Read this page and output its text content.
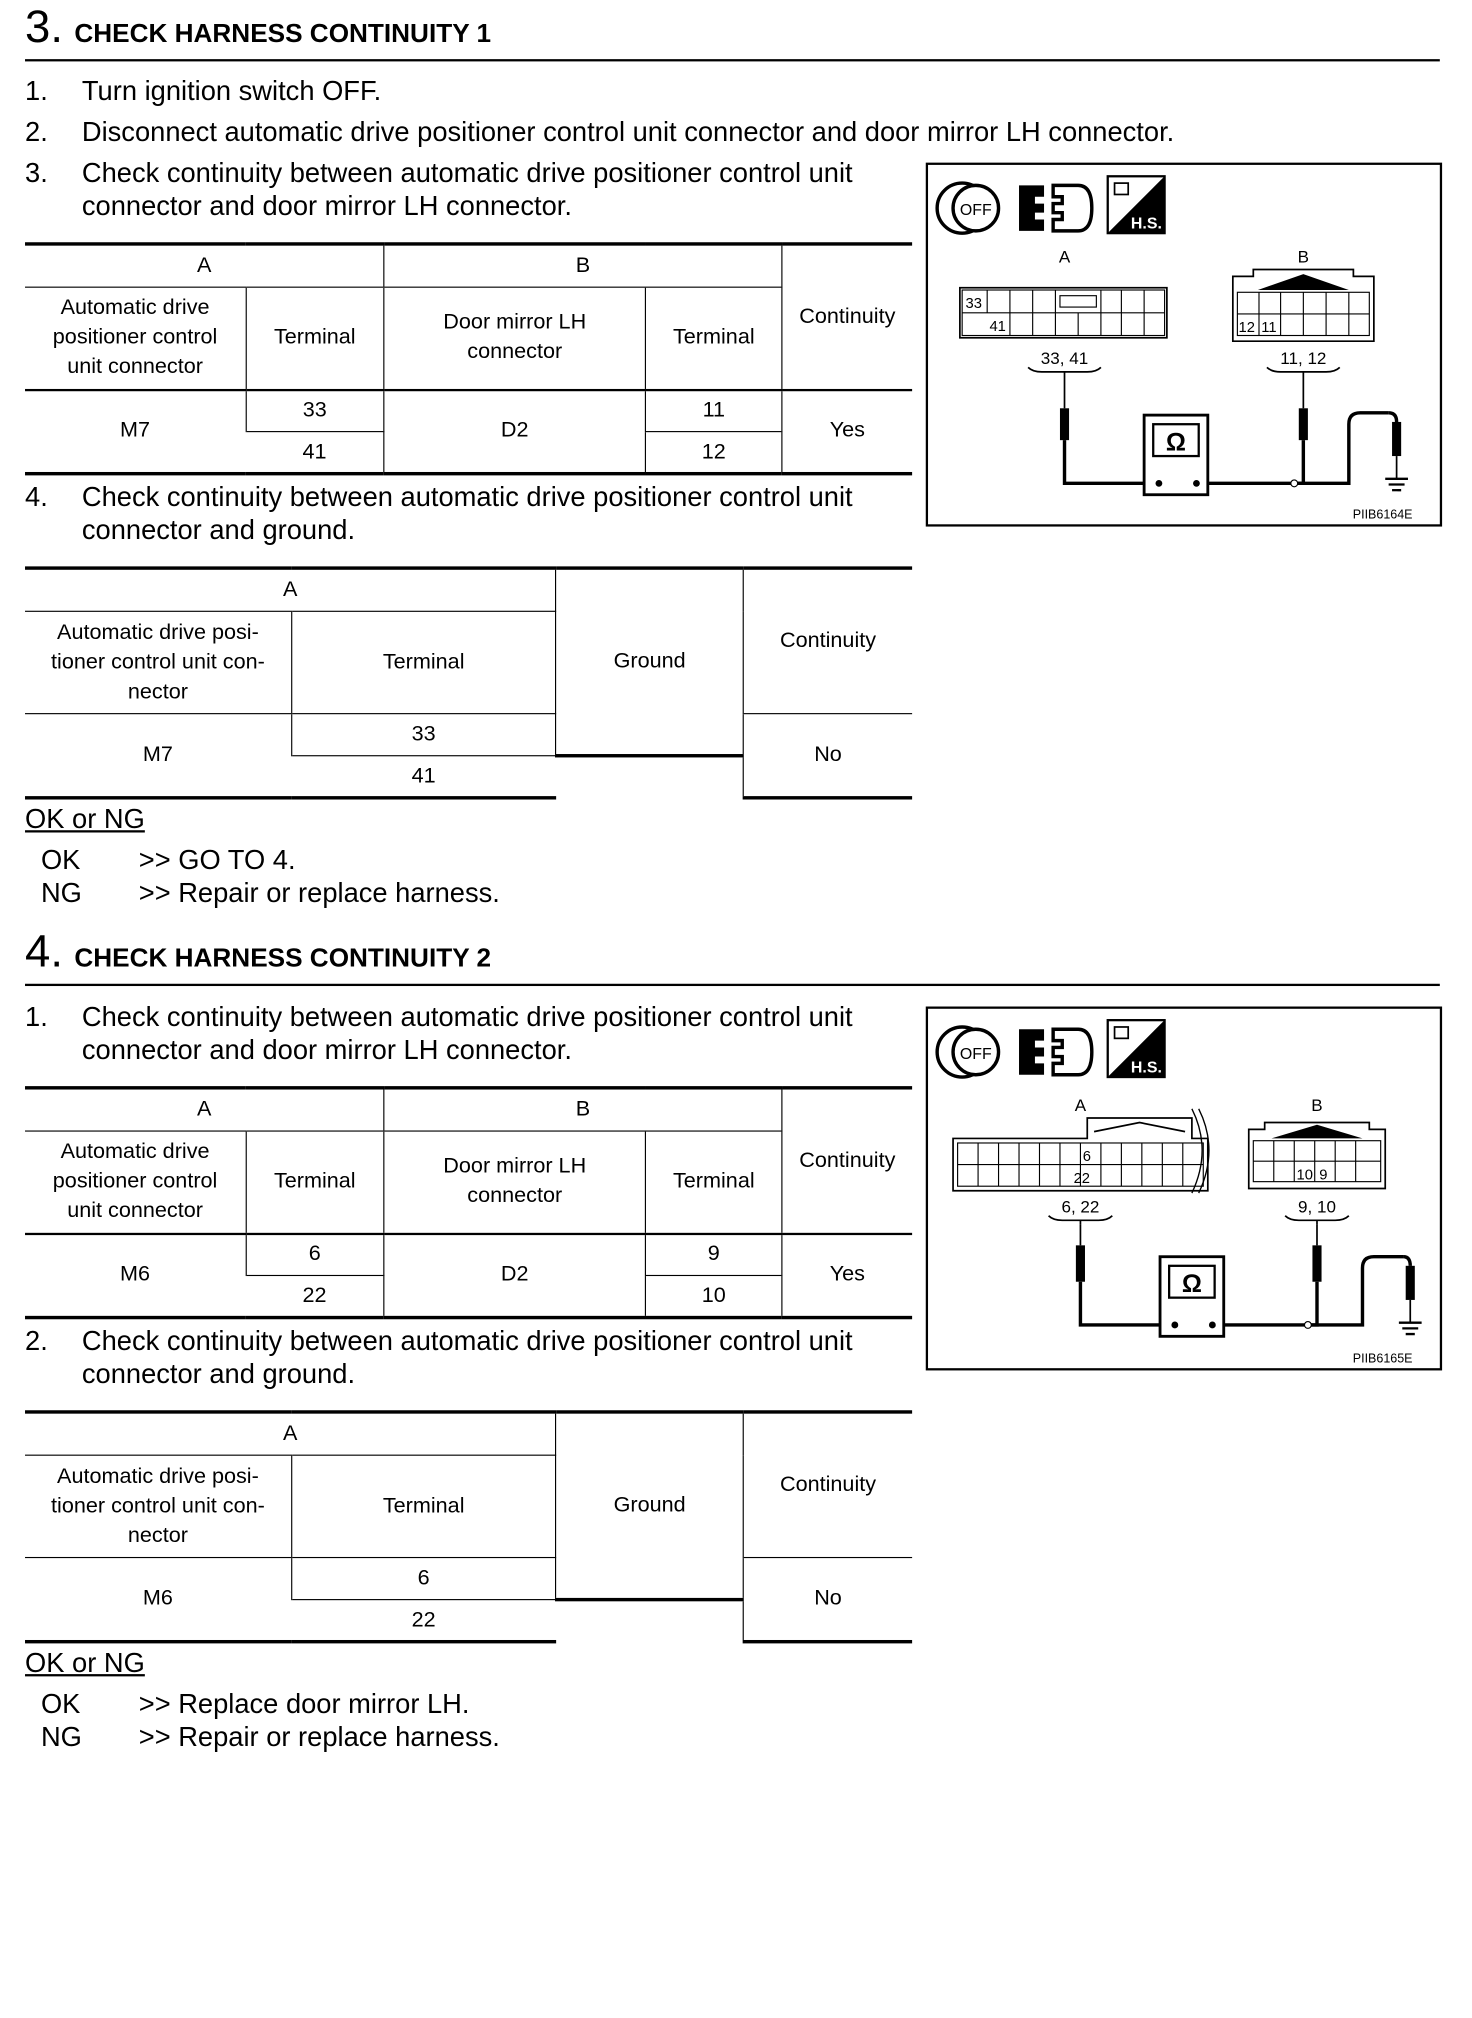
3 . CHECK HARNESS CONTINUITY 1
1.	Turn ignition switch OFF.
2.	Disconnect automatic drive positioner control unit connector and door mirror LH connector.
3.	Check continuity between automatic drive positioner control unit connector and door mirror LH connector.
A		B		Continuity
Automatic drive positioner control unit connector	Terminal	Door mirror LH connector	Terminal	
M7	33	D2	11	Yes
	41		12	
4.	Check continuity between automatic drive positioner control unit connector and ground.
A		Ground	Continuity
Automatic drive posi-tioner control unit con-nector	Terminal		
M7	33		No
	41		
OK or NG
OK	>> GO TO 4.
NG	>> Repair or replace harness.
OFF
H.S.
A	B
33
41	12 11
33, 41	11, 12
Ω
PIIB6164E
4 . CHECK HARNESS CONTINUITY 2
1.	Check continuity between automatic drive positioner control unit connector and door mirror LH connector.
A		B		Continuity
Automatic drive positioner control unit connector	Terminal	Door mirror LH connector	Terminal	
M6	6	D2	9	Yes
	22		10	
2.	Check continuity between automatic drive positioner control unit connector and ground.
A		Ground	Continuity
Automatic drive posi-tioner control unit con-nector	Terminal		
M6	6		No
	22		
OK or NG
OK	>> Replace door mirror LH.
NG	>> Repair or replace harness.
OFF
H.S.
A	B
6
22	10 9
6, 22	9, 10
Ω
PIIB6165E
